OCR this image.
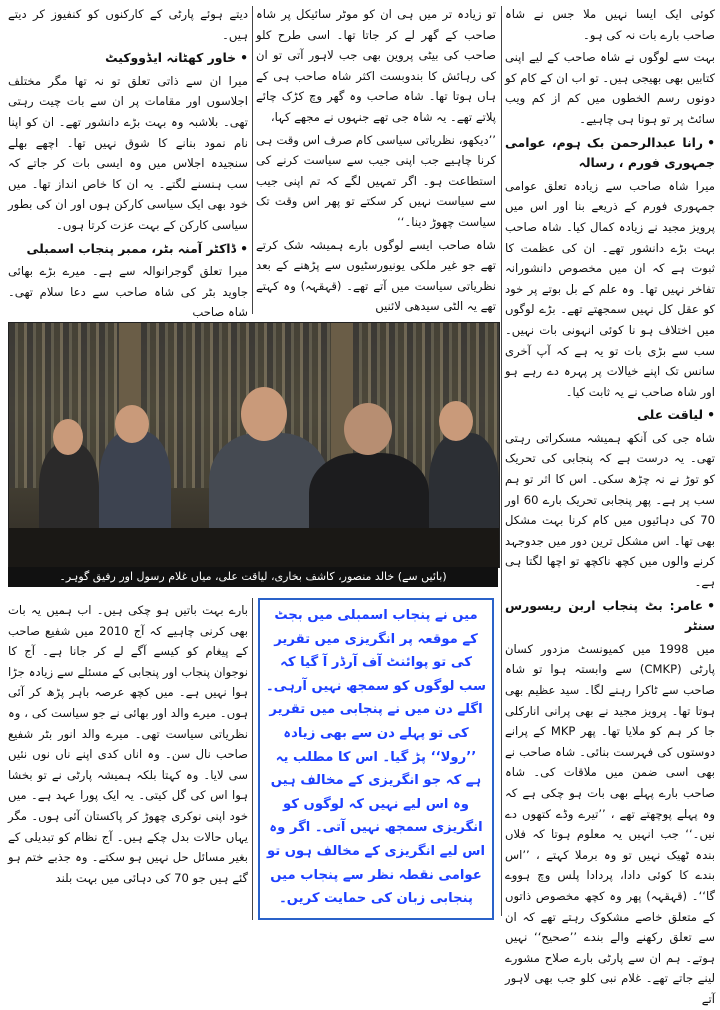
کوئی ایک ایسا نہیں ملا جس نے شاہ صاحب بارے بات نہ کی ہو۔

بہت سے لوگوں نے شاہ صاحب کے لیے اپنی کتابیں بھی بھیجی ہیں۔ تو اب ان کے کام کو دونوں رسم الخطوں میں کم از کم ویب سائٹ پر تو ہونا ہی چاہیے۔

•رانا عبدالرحمن بک ہوم، عوامی جمہوری فورم ، رسالہ

میرا شاہ صاحب سے زیادہ تعلق عوامی جمہوری فورم کے ذریعے بنا اور اس میں پرویز مجید نے زیادہ کمال کیا۔ شاہ صاحب بہت بڑے دانشور تھے۔ ان کی عظمت کا ثبوت ہے کہ ان میں مخصوص دانشورانہ تفاخر نہیں تھا۔ وہ علم کے بل بوتے پر خود کو عقل کل نہیں سمجھتے تھے۔ بڑے لوگوں میں اختلاف ہو نا کوئی انہونی بات نہیں۔ سب سے بڑی بات تو یہ ہے کہ آپ آخری سانس تک اپنے خیالات پر پہرہ دے رہے ہو اور شاہ صاحب نے یہ ثابت کیا۔

•لیاقت علی

شاہ جی کی آنکھ ہمیشہ مسکراتی رہتی تھی۔ یہ درست ہے کہ پنجابی کی تحریک کو توڑ نے نہ چڑھ سکی۔ اس کا اثر تو ہم سب پر ہے۔ پھر پنجابی تحریک بارے 60 اور 70 کی دہائیوں میں کام کرنا بہت مشکل بھی تھا۔ اس مشکل ترین دور میں جدوجہد کرنے والوں میں کچھ ناکچھ تو اچھا لگتا ہی ہے۔

•عامر: بٹ پنجاب اربن ریسورس سنٹر

میں 1998 میں کمیونسٹ مزدور کسان پارٹی (CMKP) سے وابستہ ہوا تو شاہ صاحب سے ٹاکرا رہنے لگا۔ سید عظیم بھی ہوتا تھا۔ پرویز مجید نے بھی پرانی انارکلی جا کر ہم کو ملایا تھا۔ پھر MKP کے پرانے دوستوں کی فہرست بنائی۔ شاہ صاحب نے بھی اسی ضمن میں ملاقات کی۔ شاہ صاحب بارے پہلے بھی بات ہو چکی ہے کہ وہ پہلے پوچھتے تھے ، ’’تیرے وڈے کتھوں دے نیں۔‘‘ جب انہیں یہ معلوم ہوتا کہ فلاں بندہ ٹھیک نہیں تو وہ برملا کہتے ، ’’اس بندے کا کوئی دادا، پردادا پلس وچ ہووے گا‘‘۔ (قہقہہ) پھر وہ کچھ مخصوص ذاتوں کے متعلق خاصے مشکوک رہتے تھے کہ ان سے تعلق رکھنے والے بندے ’’صحیح‘‘ نہیں ہوتے۔ ہم ان سے پارٹی بارے صلاح مشورے لینے جاتے تھے۔ غلام نبی کلو جب بھی لاہور آتے

تو زیادہ تر میں ہی ان کو موٹر سائیکل پر شاہ صاحب کے گھر لے کر جاتا تھا۔ اسی طرح کلو صاحب کی بیٹی پروین بھی جب لاہور آتی تو ان کی رہائش کا بندوبست اکثر شاہ صاحب ہی کے ہاں ہوتا تھا۔ شاہ صاحب وہ گھر وچ کڑک چائے پلاتے تھے۔ یہ شاہ جی تھے جنہوں نے مجھے کہا،

’’دیکھو، نظریاتی سیاسی کام صرف اس وقت ہی کرنا چاہیے جب اپنی جیب سے سیاست کرنے کی استطاعت ہو۔ اگر تمہیں لگے کہ تم اپنی جیب سے سیاست نہیں کر سکتے تو پھر اس وقت تک سیاست چھوڑ دینا۔‘‘

شاہ صاحب ایسے لوگوں بارے ہمیشہ شک کرتے تھے جو غیر ملکی یونیورسٹیوں سے پڑھنے کے بعد نظریاتی سیاست میں آتے تھے۔ (قہقہہ) وہ کہتے تھے یہ الٹی سیدھی لائنیں

دیتے ہوئے پارٹی کے کارکنوں کو کنفیوز کر دیتے ہیں۔

•خاور کھٹانہ ایڈووکیٹ

میرا ان سے ذاتی تعلق تو نہ تھا مگر مختلف اجلاسوں اور مقامات پر ان سے بات چیت رہتی تھی۔ بلاشبہ وہ بہت بڑے دانشور تھے۔ ان کو اپنا نام نمود بنانے کا شوق نہیں تھا۔ اچھے بھلے سنجیدہ اجلاس میں وہ ایسی بات کر جاتے کہ سب ہنسنے لگتے۔ یہ ان کا خاص انداز تھا۔ میں خود بھی ایک سیاسی کارکن ہوں اور ان کی بطور سیاسی کارکن کے بہت عزت کرتا ہوں۔

•ڈاکٹر آمنہ بٹر، ممبر پنجاب اسمبلی

میرا تعلق گوجرانوالہ سے ہے۔ میرے بڑے بھائی جاوید بٹر کی شاہ صاحب سے دعا سلام تھی۔ شاہ صاحب

(بائیں سے) خالد منصور، کاشف بخاری، لیاقت علی، میاں غلام رسول اور رفیق گوہر۔
میں نے پنجاب اسمبلی میں بجٹ کے موقعہ پر انگریزی میں تقریر کی تو پوائنٹ آف آرڈر آ گیا کہ سب لوگوں کو سمجھ نہیں آرہی۔ اگلے دن میں نے پنجابی میں تقریر کی تو پہلے دن سے بھی زیادہ ’’رولا‘‘ پڑ گیا۔ اس کا مطلب یہ ہے کہ جو انگریزی کے مخالف ہیں وہ اس لیے نہیں کہ لوگوں کو انگریزی سمجھ نہیں آتی۔ اگر وہ اس لیے انگریزی کے مخالف ہوں تو عوامی نقطہ نظر سے پنجاب میں پنجابی زبان کی حمایت کریں۔

بارے بہت باتیں ہو چکی ہیں۔ اب ہمیں یہ بات بھی کرنی چاہیے کہ آج 2010 میں شفیع صاحب کے پیغام کو کیسے آگے لے کر جانا ہے۔ آج کا نوجوان پنجاب اور پنجابی کے مسئلے سے زیادہ جڑا ہوا نہیں ہے۔ میں کچھ عرصہ باہر پڑھ کر آئی ہوں۔ میرے والد اور بھائی نے جو سیاست کی ، وہ نظریاتی سیاست تھی۔ میرے والد انور بٹر شفیع صاحب نال سن۔ وہ اناں کدی اپنے ناں نوں نئیں سی لایا۔ وہ کہتا بلکہ ہمیشہ پارٹی نے تو بخشا ہوا اس کی گل کیتی۔ یہ ایک پورا عہد ہے۔ میں خود اپنی نوکری چھوڑ کر پاکستان آئی ہوں۔ مگر یہاں حالات بدل چکے ہیں۔ آج نظام کو تبدیلی کے بغیر مسائل حل نہیں ہو سکتے۔ وہ جذبے ختم ہو گئے ہیں جو 70 کی دہائی میں بہت بلند
